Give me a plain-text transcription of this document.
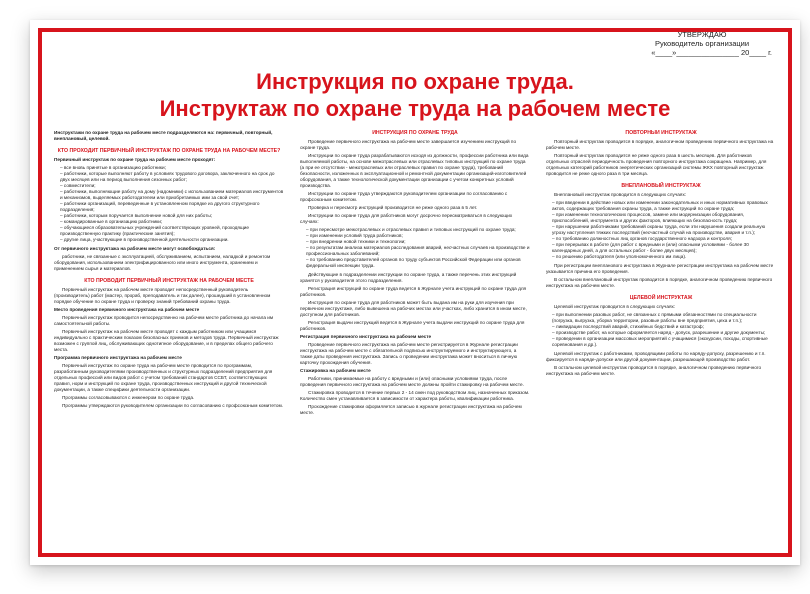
УТВЕРЖДАЮ
Руководитель организации
«____»_______________ 20____ г.
Инструкция по охране труда.
Инструктаж по охране труда на рабочем месте

Инструктажи по охране труда на рабочем месте подразделяются на: первичный, повторный, внеплановый, целевой.

КТО ПРОХОДИТ ПЕРВИЧНЫЙ ИНСТРУКТАЖ ПО ОХРАНЕ ТРУДА НА РАБОЧЕМ МЕСТЕ?

Первичный инструктаж по охране труда на рабочем месте проходят:

– все вновь принятые в организацию работники;
– работники, которые выполняют работу в условиях трудового договора, заключенного на срок до двух месяцев или на период выполнения сезонных работ;
– совместители;
– работники, выполняющие работу на дому (надомники) с использованием материалов инструментов и механизмов, выделяемых работодателем или приобретаемых ими за свой счет;
– работники организаций, переведенные в установленном порядке из другого структурного подразделения;
– работники, которым поручается выполнение новой для них работы;
– командированные в организацию работники;
– обучающиеся образовательных учреждений соответствующих уровней, проходящие производственную практику (практические занятия);
– другие лица, участвующие в производственной деятельности организации.

От первичного инструктажа на рабочем месте могут освобождаться:

работники, не связанные с эксплуатацией, обслуживанием, испытанием, наладкой и ремонтом оборудования, использованием электрифицированного или иного инструмента, хранением и применением сырья и материалов.

КТО ПРОВОДИТ ПЕРВИЧНЫЙ ИНСТРУКТАЖ НА РАБОЧЕМ МЕСТЕ

Первичный инструктаж на рабочем месте проводит непосредственный руководитель (производитель) работ (мастер, прораб, преподаватель и так далее), прошедший в установленном порядке обучение по охране труда и проверку знаний требований охраны труда.

Место проведения первичного инструктажа на рабочем месте

Первичный инструктаж проводится непосредственно на рабочем месте работника до начала им самостоятельной работы.

Первичный инструктаж на рабочем месте проводят с каждым работником или учащимся индивидуально с практическим показом безопасных приемов и методов труда. Первичный инструктаж возможен с группой лиц, обслуживающих однотипное оборудование, и в пределах общего рабочего места.

Программа первичного инструктажа на рабочем месте

Первичный инструктаж по охране труда на рабочем месте проводится по программам, разработанным руководителями производственных и структурных подразделений предприятия для отдельных профессий или видов работ с учетом требований стандартов ССБТ, соответствующих правил, норм и инструкций по охране труда, производственных инструкций и другой технической документации, а также специфики деятельности организации.

Программы согласовываются с инженером по охране труда.

Программы утверждаются руководителем организации по согласованию с профсоюзным комитетом.

ИНСТРУКЦИЯ ПО ОХРАНЕ ТРУДА

Проведение первичного инструктажа на рабочем месте завершается изучением инструкций по охране труда.

Инструкции по охране труда разрабатываются исходя из должности, профессии работника или вида выполняемой работы, на основе межотраслевых или отраслевых типовых инструкций по охране труда (а при ее отсутствии - межотраслевых или отраслевых правил по охране труда), требований безопасности, изложенных в эксплуатационной и ремонтной документации организаций-изготовителей оборудования, а также технологической документации организации с учетом конкретных условий производства.

Инструкции по охране труда утверждаются руководителем организации по согласованию с профсоюзным комитетом.

Проверка и пересмотр инструкций производится не реже одного раза в 5 лет.

Инструкции по охране труда для работников могут досрочно пересматриваться в следующих случаях:

– при пересмотре межотраслевых и отраслевых правил и типовых инструкций по охране труда;
– при изменении условий труда работников;
– при внедрении новой техники и технологии;
– по результатам анализа материалов расследования аварий, несчастных случаев на производстве и профессиональных заболеваний;
– по требованию представителей органов по труду субъектов Российской Федерации или органов федеральной инспекции труда.

Действующие в подразделении инструкции по охране труда, а также перечень этих инструкций хранятся у руководителя этого подразделения.

Регистрация инструкций по охране труда ведется в Журнале учета инструкций по охране труда для работников.

Инструкция по охране труда для работников может быть выдана им на руки для изучения при первичном инструктаже, либо вывешена на рабочих местах или участках, либо хранится в ином месте, доступном для работников.

Регистрация выдачи инструкций ведется в Журнале учета выдачи инструкций по охране труда для работников.

Регистрация первичного инструктажа на рабочем месте

Проведение первичного инструктажа на рабочем месте регистрируется в Журнале регистрации инструктажа на рабочем месте с обязательной подписью инструктируемого и инструктирующего, а также даты проведения инструктажа. Запись о проведении инструктажа может вноситься в личную карточку прохождения обучения.

Стажировка на рабочем месте

Работники, принимаемые на работу с вредными и (или) опасными условиями труда, после проведения первичного инструктажа на рабочем месте должны пройти стажировку на рабочем месте.

Стажировка проводится в течение первых 2 - 14 смен под руководством лиц, назначенных приказом. Количество смен устанавливается в зависимости от характера работы, квалификации работника.

Прохождение стажировки оформляется записью в журнале регистрации инструктажа на рабочем месте.

ПОВТОРНЫЙ ИНСТРУКТАЖ

Повторный инструктаж проводится в порядке, аналогичном проведению первичного инструктажа на рабочем месте.

Повторный инструктаж проводится не реже одного раза в шесть месяцев. Для работников отдельных отраслей периодичность проведения повторного инструктажа сокращена. Например, для отдельных категорий работников энергетических организаций системы ЖКХ повторный инструктаж проводится не реже одного раза в три месяца.

ВНЕПЛАНОВЫЙ ИНСТРУКТАЖ

Внеплановый инструктаж проводится в следующих случаях:

– при введении в действие новых или изменении законодательных и иных нормативных правовых актов, содержащих требования охраны труда, а также инструкций по охране труда;
– при изменении технологических процессов, замене или модернизации оборудования, приспособлений, инструмента и других факторов, влияющих на безопасность труда;
– при нарушении работниками требований охраны труда, если эти нарушения создали реальную угрозу наступления тяжких последствий (несчастный случай на производстве, авария и т.п.);
– по требованию должностных лиц органов государственного надзора и контроля;
– при перерывах в работе (для работ с вредными и (или) опасными условиями - более 30 календарных дней, а для остальных работ - более двух месяцев);
– по решению работодателя (или уполномоченного им лица).

При регистрации внепланового инструктажа в Журнале регистрации инструктажа на рабочем месте указывается причина его проведения.

В остальном внеплановый инструктаж проводится в порядке, аналогичном проведению первичного инструктажа на рабочем месте.

ЦЕЛЕВОЙ ИНСТРУКТАЖ

Целевой инструктаж проводится в следующих случаях:

– при выполнении разовых работ, не связанных с прямыми обязанностями по специальности (погрузка, выгрузка, уборка территории, разовые работы вне предприятия, цеха и т.п.);
– ликвидации последствий аварий, стихийных бедствий и катастроф;
– производстве работ, на которые оформляется наряд - допуск, разрешение и другие документы;
– проведении в организации массовых мероприятий с учащимися (экскурсии, походы, спортивные соревнования и др.).

Целевой инструктаж с работниками, проводящими работы по наряду-допуску, разрешению и т.п. фиксируется в наряде-допуске или другой документации, разрешающей производство работ.

В остальном целевой инструктаж проводится в порядке, аналогичном проведению первичного инструктажа на рабочем месте.
